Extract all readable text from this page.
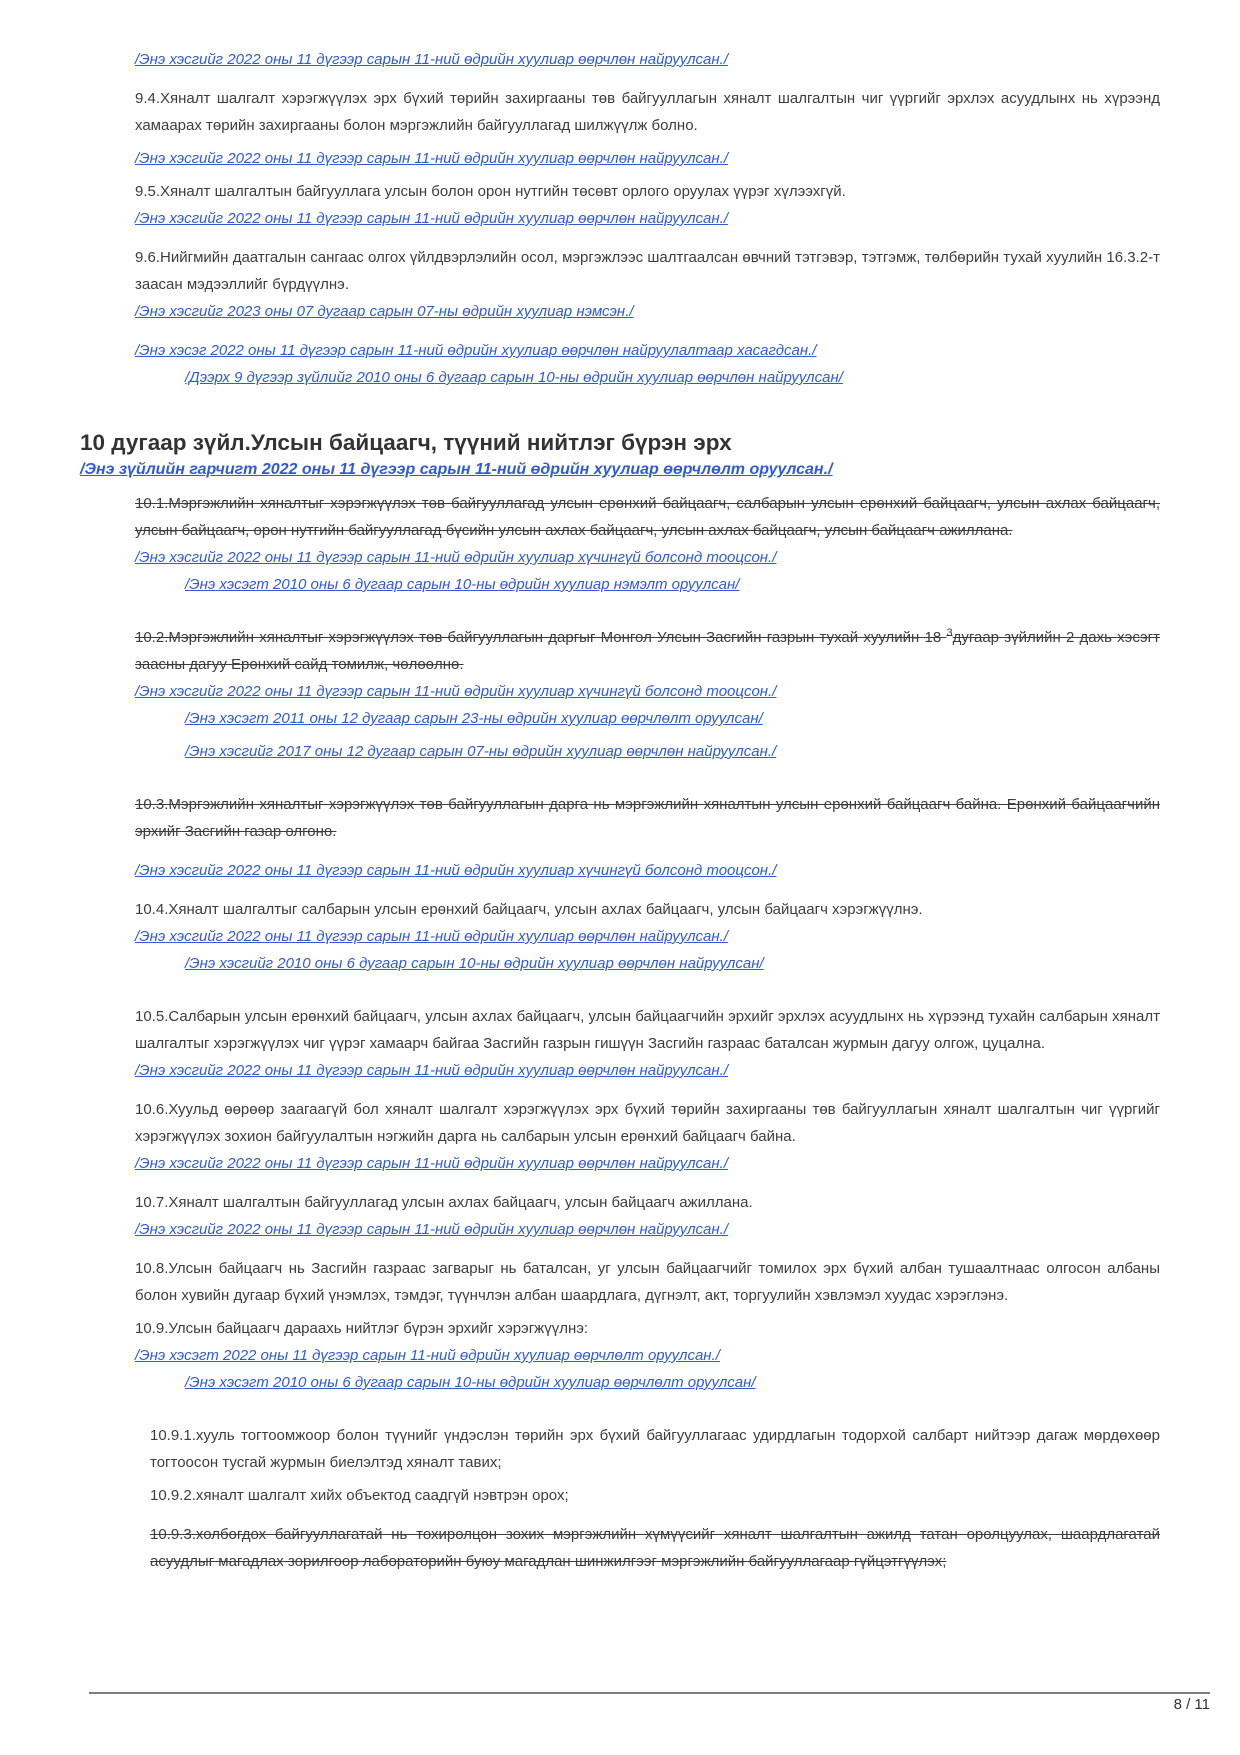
/Энэ хэсгийг 2022 оны 11 дүгээр сарын 11-ний өдрийн хуулиар өөрчлөн найруулсан./

9.4.Хяналт шалгалт хэрэгжүүлэх эрх бүхий төрийн захиргааны төв байгууллагын хяналт шалгалтын чиг үүргийг эрхлэх асуудлынх нь хүрээнд хамаарах төрийн захиргааны болон мэргэжлийн байгууллагад шилжүүлж болно.

/Энэ хэсгийг 2022 оны 11 дүгээр сарын 11-ний өдрийн хуулиар өөрчлөн найруулсан./

9.5.Хяналт шалгалтын байгууллага улсын болон орон нутгийн төсөвт орлого оруулах үүрэг хүлээхгүй.

/Энэ хэсгийг 2022 оны 11 дүгээр сарын 11-ний өдрийн хуулиар өөрчлөн найруулсан./

9.6.Нийгмийн даатгалын сангаас олгох үйлдвэрлэлийн осол, мэргэжлээс шалтгаалсан өвчний тэтгэвэр, тэтгэмж, төлбөрийн тухай хуулийн 16.3.2-т заасан мэдээллийг бүрдүүлнэ.

/Энэ хэсгийг 2023 оны 07 дугаар сарын 07-ны өдрийн хуулиар нэмсэн./

/Энэ хэсэг 2022 оны 11 дүгээр сарын 11-ний өдрийн хуулиар өөрчлөн найруулалтаар хасагдсан./

/Дээрх 9 дүгээр зүйлийг 2010 оны 6 дугаар сарын 10-ны өдрийн хуулиар өөрчлөн найруулсан/

10 дугаар зүйл.Улсын байцаагч, түүний нийтлэг бүрэн эрх

/Энэ зүйлийн гарчигт 2022 оны 11 дүгээр сарын 11-ний өдрийн хуулиар өөрчлөлт оруулсан./

10.1.Мэргэжлийн хяналтыг хэрэгжүүлэх төв байгууллагад улсын ерөнхий байцаагч, салбарын улсын ерөнхий байцаагч, улсын ахлах байцаагч, улсын байцаагч, орон нутгийн байгууллагад бүсийн улсын ахлах байцаагч, улсын ахлах байцаагч, улсын байцаагч ажиллана.

/Энэ хэсгийг 2022 оны 11 дүгээр сарын 11-ний өдрийн хуулиар хүчингүй болсонд тооцсон./

/Энэ хэсэгт 2010 оны 6 дугаар сарын 10-ны өдрийн хуулиар нэмэлт оруулсан/

10.2.Мэргэжлийн хяналтыг хэрэгжүүлэх төв байгууллагын даргыг Монгол Улсын Засгийн газрын тухай хуулийн 18 $^3$дугаар зүйлийн 2 дахь хэсэгт заасны дагуу Ерөнхий сайд томилж, чөлөөлнө.

/Энэ хэсгийг 2022 оны 11 дүгээр сарын 11-ний өдрийн хуулиар хүчингүй болсонд тооцсон./

/Энэ хэсэгт 2011 оны 12 дугаар сарын 23-ны өдрийн хуулиар өөрчлөлт оруулсан/

/Энэ хэсгийг 2017 оны 12 дугаар сарын 07-ны өдрийн хуулиар өөрчлөн найруулсан./

10.3.Мэргэжлийн хяналтыг хэрэгжүүлэх төв байгууллагын дарга нь мэргэжлийн хяналтын улсын ерөнхий байцаагч байна. Ерөнхий байцаагчийн эрхийг Засгийн газар олгоно.

/Энэ хэсгийг 2022 оны 11 дүгээр сарын 11-ний өдрийн хуулиар хүчингүй болсонд тооцсон./

10.4.Хяналт шалгалтыг салбарын улсын ерөнхий байцаагч, улсын ахлах байцаагч, улсын байцаагч хэрэгжүүлнэ.

/Энэ хэсгийг 2022 оны 11 дүгээр сарын 11-ний өдрийн хуулиар өөрчлөн найруулсан./

/Энэ хэсгийг 2010 оны 6 дугаар сарын 10-ны өдрийн хуулиар өөрчлөн найруулсан/

10.5.Салбарын улсын ерөнхий байцаагч, улсын ахлах байцаагч, улсын байцаагчийн эрхийг эрхлэх асуудлынх нь хүрээнд тухайн салбарын хяналт шалгалтыг хэрэгжүүлэх чиг үүрэг хамаарч байгаа Засгийн газрын гишүүн Засгийн газраас баталсан журмын дагуу олгож, цуцална.

/Энэ хэсгийг 2022 оны 11 дүгээр сарын 11-ний өдрийн хуулиар өөрчлөн найруулсан./

10.6.Хуульд өөрөөр заагаагүй бол хяналт шалгалт хэрэгжүүлэх эрх бүхий төрийн захиргааны төв байгууллагын хяналт шалгалтын чиг үүргийг хэрэгжүүлэх зохион байгуулалтын нэгжийн дарга нь салбарын улсын ерөнхий байцаагч байна.

/Энэ хэсгийг 2022 оны 11 дүгээр сарын 11-ний өдрийн хуулиар өөрчлөн найруулсан./

10.7.Хяналт шалгалтын байгууллагад улсын ахлах байцаагч, улсын байцаагч ажиллана.

/Энэ хэсгийг 2022 оны 11 дүгээр сарын 11-ний өдрийн хуулиар өөрчлөн найруулсан./

10.8.Улсын байцаагч нь Засгийн газраас загварыг нь баталсан, уг улсын байцаагчийг томилох эрх бүхий албан тушаалтнаас олгосон албаны болон хувийн дугаар бүхий үнэмлэх, тэмдэг, түүнчлэн албан шаардлага, дүгнэлт, акт, торгуулийн хэвлэмэл хуудас хэрэглэнэ.

10.9.Улсын байцаагч дараахь нийтлэг бүрэн эрхийг хэрэгжүүлнэ:

/Энэ хэсэгт 2022 оны 11 дүгээр сарын 11-ний өдрийн хуулиар өөрчлөлт оруулсан./

/Энэ хэсэгт 2010 оны 6 дугаар сарын 10-ны өдрийн хуулиар өөрчлөлт оруулсан/

10.9.1.хууль тогтоомжоор болон түүнийг үндэслэн төрийн эрх бүхий байгууллагаас удирдлагын тодорхой салбарт нийтээр дагаж мөрдөхөөр тогтоосон тусгай журмын биелэлтэд хяналт тавих;

10.9.2.хяналт шалгалт хийх объектод саадгүй нэвтрэн орох;

10.9.3.холбогдох байгууллагатай нь тохиролцон зохих мэргэжлийн хүмүүсийг хяналт шалгалтын ажилд татан оролцуулах, шаардлагатай асуудлыг магадлах зорилгоор лабораторийн буюу магадлан шинжилгээг мэргэжлийн байгууллагаар гүйцэтгүүлэх;

8 / 11
